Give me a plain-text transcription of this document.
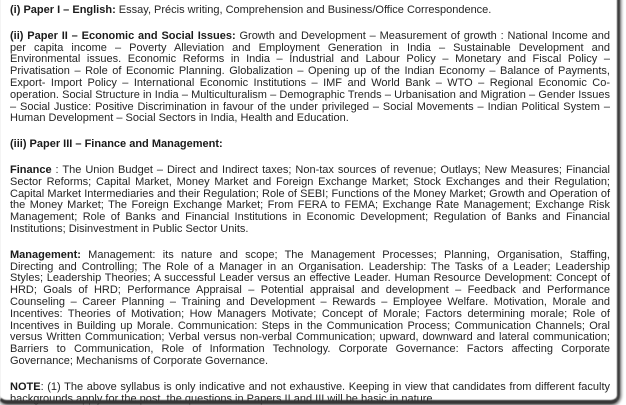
(i) Paper I – English: Essay, Précis writing, Comprehension and Business/Office Correspondence.

(ii) Paper II – Economic and Social Issues: Growth and Development – Measurement of growth : National Income and per capita income – Poverty Alleviation and Employment Generation in India – Sustainable Development and Environmental issues. Economic Reforms in India – Industrial and Labour Policy – Monetary and Fiscal Policy – Privatisation – Role of Economic Planning. Globalization – Opening up of the Indian Economy – Balance of Payments, Export- Import Policy – International Economic Institutions – IMF and World Bank – WTO – Regional Economic Co-operation. Social Structure in India – Multiculturalism – Demographic Trends – Urbanisation and Migration – Gender Issues – Social Justice: Positive Discrimination in favour of the under privileged – Social Movements – Indian Political System – Human Development – Social Sectors in India, Health and Education.

(iii) Paper III – Finance and Management:

Finance : The Union Budget – Direct and Indirect taxes; Non-tax sources of revenue; Outlays; New Measures; Financial Sector Reforms; Capital Market, Money Market and Foreign Exchange Market; Stock Exchanges and their Regulation; Capital Market Intermediaries and their Regulation; Role of SEBI; Functions of the Money Market; Growth and Operation of the Money Market; The Foreign Exchange Market; From FERA to FEMA; Exchange Rate Management; Exchange Risk Management; Role of Banks and Financial Institutions in Economic Development; Regulation of Banks and Financial Institutions; Disinvestment in Public Sector Units.

Management: Management: its nature and scope; The Management Processes; Planning, Organisation, Staffing, Directing and Controlling; The Role of a Manager in an Organisation. Leadership: The Tasks of a Leader; Leadership Styles; Leadership Theories; A successful Leader versus an effective Leader. Human Resource Development: Concept of HRD; Goals of HRD; Performance Appraisal – Potential appraisal and development – Feedback and Performance Counseling – Career Planning – Training and Development – Rewards – Employee Welfare. Motivation, Morale and Incentives: Theories of Motivation; How Managers Motivate; Concept of Morale; Factors determining morale; Role of Incentives in Building up Morale. Communication: Steps in the Communication Process; Communication Channels; Oral versus Written Communication; Verbal versus non-verbal Communication; upward, downward and lateral communication; Barriers to Communication, Role of Information Technology. Corporate Governance: Factors affecting Corporate Governance; Mechanisms of Corporate Governance.

NOTE: (1) The above syllabus is only indicative and not exhaustive. Keeping in view that candidates from different faculty backgrounds apply for the post, the questions in Papers II and III will be basic in nature.
